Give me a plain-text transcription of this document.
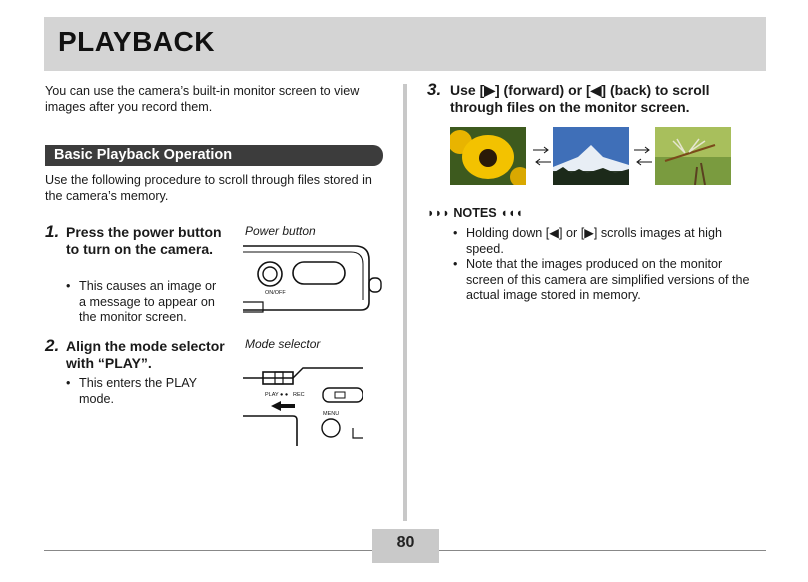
PLAYBACK
You can use the camera’s built-in monitor screen to view images after you record them.
Basic Playback Operation
Use the following procedure to scroll through files stored in the camera’s memory.
1. Press the power button to turn on the camera.
• This causes an image or a message to appear on the monitor screen.
Power button
ON/OFF
2. Align the mode selector with “PLAY”.
• This enters the PLAY mode.
Mode selector
PLAY ● ● REC
MENU
3. Use [▶] (forward) or [◀] (back) to scroll through files on the monitor screen.
◗◗◗ NOTES ◖◖◖
• Holding down [◀] or [▶] scrolls images at high speed.
• Note that the images produced on the monitor screen of this camera are simplified versions of the actual image stored in memory.
80
